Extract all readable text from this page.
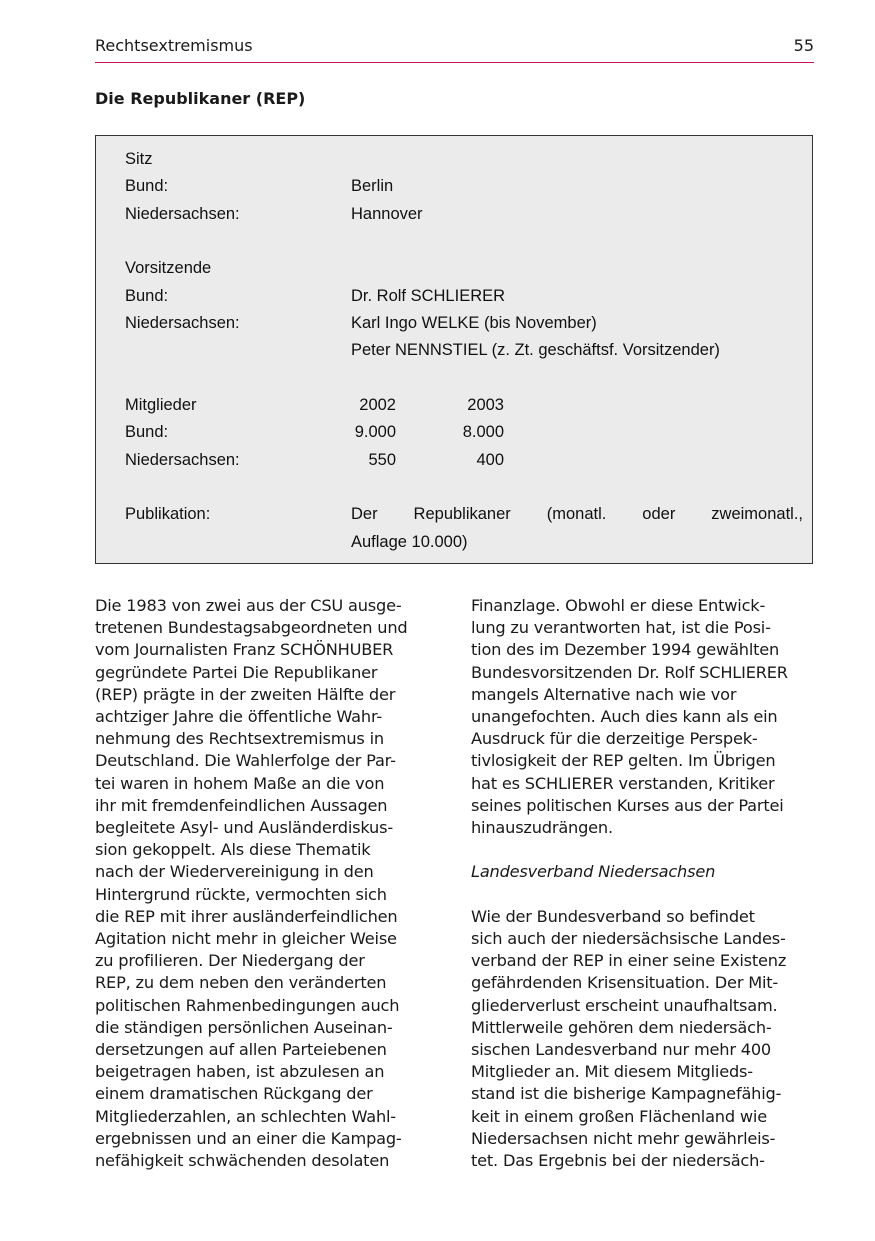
Rechtsextremismus	55
Die Republikaner (REP)
Sitz
Bund:	Berlin
Niedersachsen:	Hannover
Vorsitzende
Bund:	Dr. Rolf SCHLIERER
Niedersachsen:	Karl Ingo WELKE (bis November)
Peter NENNSTIEL (z. Zt. geschäftsf. Vorsitzender)
Mitglieder	2002	2003
Bund:	9.000	8.000
Niedersachsen:	550	400
Publikation:	Der Republikaner (monatl. oder zweimonatl.,
Auflage 10.000)
Die 1983 von zwei aus der CSU ausge-
tretenen Bundestagsabgeordneten und
vom Journalisten Franz SCHÖNHUBER
gegründete Partei Die Republikaner
(REP) prägte in der zweiten Hälfte der
achtziger Jahre die öffentliche Wahr-
nehmung des Rechtsextremismus in
Deutschland. Die Wahlerfolge der Par-
tei waren in hohem Maße an die von
ihr mit fremdenfeindlichen Aussagen
begleitete Asyl- und Ausländerdiskus-
sion gekoppelt. Als diese Thematik
nach der Wiedervereinigung in den
Hintergrund rückte, vermochten sich
die REP mit ihrer ausländerfeindlichen
Agitation nicht mehr in gleicher Weise
zu profilieren. Der Niedergang der
REP, zu dem neben den veränderten
politischen Rahmenbedingungen auch
die ständigen persönlichen Auseinan-
dersetzungen auf allen Parteiebenen
beigetragen haben, ist abzulesen an
einem dramatischen Rückgang der
Mitgliederzahlen, an schlechten Wahl-
ergebnissen und an einer die Kampag-
nefähigkeit schwächenden desolaten
Finanzlage. Obwohl er diese Entwick-
lung zu verantworten hat, ist die Posi-
tion des im Dezember 1994 gewählten
Bundesvorsitzenden Dr. Rolf SCHLIERER
mangels Alternative nach wie vor
unangefochten. Auch dies kann als ein
Ausdruck für die derzeitige Perspek-
tivlosigkeit der REP gelten. Im Übrigen
hat es SCHLIERER verstanden, Kritiker
seines politischen Kurses aus der Partei
hinauszudrängen.
Landesverband Niedersachsen
Wie der Bundesverband so befindet
sich auch der niedersächsische Landes-
verband der REP in einer seine Existenz
gefährdenden Krisensituation. Der Mit-
gliederverlust erscheint unaufhaltsam.
Mittlerweile gehören dem niedersäch-
sischen Landesverband nur mehr 400
Mitglieder an. Mit diesem Mitglieds-
stand ist die bisherige Kampagnefähig-
keit in einem großen Flächenland wie
Niedersachsen nicht mehr gewährleis-
tet. Das Ergebnis bei der niedersäch-
